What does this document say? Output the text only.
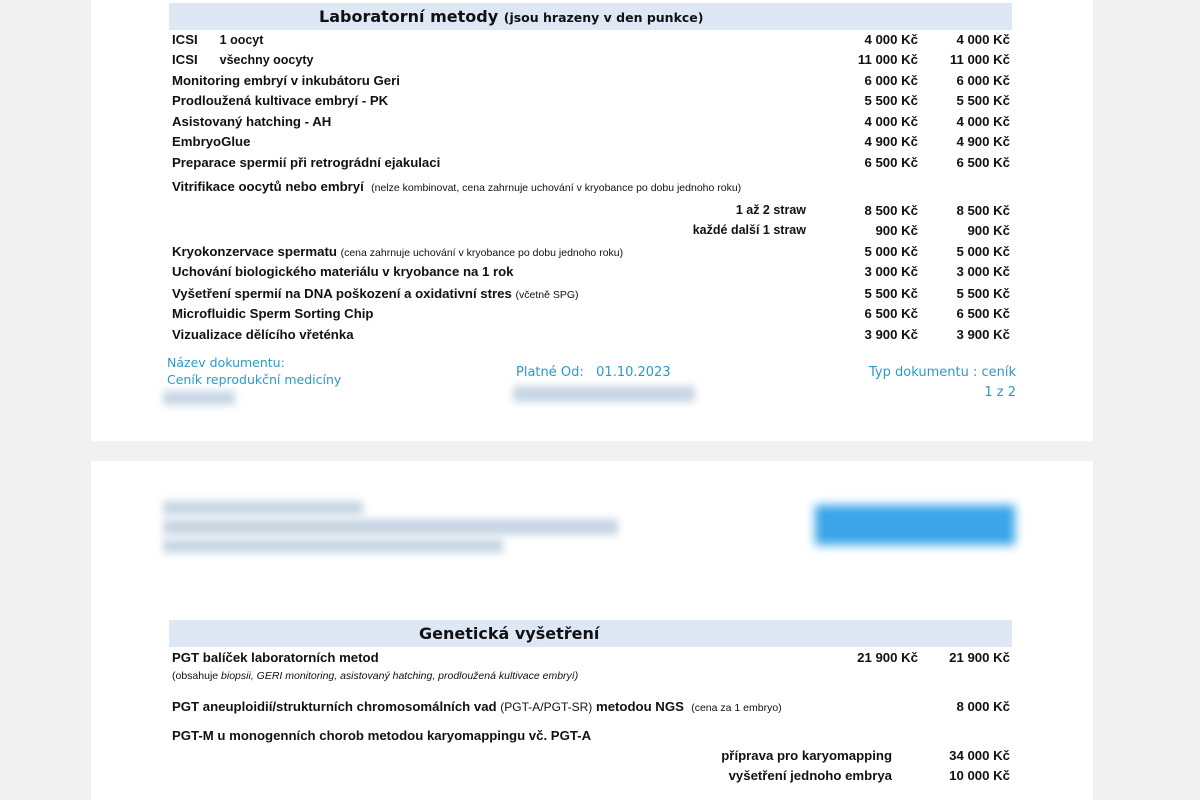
Laboratorní metody (jsou hrazeny v den punkce)
ICSI 1 oocyt	4 000 Kč	4 000 Kč
ICSI všechny oocyty	11 000 Kč 11 000 Kč
Monitoring embryí v inkubátoru Geri	6 000 Kč	6 000 Kč
Prodloužená kultivace embryí - PK	5 500 Kč	5 500 Kč
Asistovaný hatching - AH	4 000 Kč	4 000 Kč
EmbryoGlue	4 900 Kč	4 900 Kč
Preparace spermií při retrográdní ejakulaci	6 500 Kč	6 500 Kč
Vitrifikace oocytů nebo embryí (nelze kombinovat, cena zahrnuje uchování v kryobance po dobu jednoho roku)
1 až 2 straw	8 500 Kč	8 500 Kč
každé další 1 straw	900 Kč	900 Kč
Kryokonzervace spermatu (cena zahrnuje uchování v kryobance po dobu jednoho roku)	5 000 Kč	5 000 Kč
Uchování biologického materiálu v kryobance na 1 rok	3 000 Kč	3 000 Kč
Vyšetření spermií na DNA poškození a oxidativní stres (včetně SPG)	5 500 Kč	5 500 Kč
Microfluidic Sperm Sorting Chip	6 500 Kč	6 500 Kč
Vizualizace dělícího vřeténka	3 900 Kč	3 900 Kč
Název dokumentu:
Ceník reprodukční medicíny	Platné Od: 01.10.2023	Typ dokumentu : ceník
1 z 2
Genetická vyšetření
PGT balíček laboratorních metod	21 900 Kč 21 900 Kč
(obsahuje biopsii, GERI monitoring, asistovaný hatching, prodloužená kultivace embryí)
PGT aneuploidií/strukturních chromosomálních vad (PGT-A/PGT-SR) metodou NGS (cena za 1 embryo)	8 000 Kč
PGT-M u monogenních chorob metodou karyomappingu vč. PGT-A
příprava pro karyomapping	34 000 Kč
vyšetření jednoho embrya	10 000 Kč
